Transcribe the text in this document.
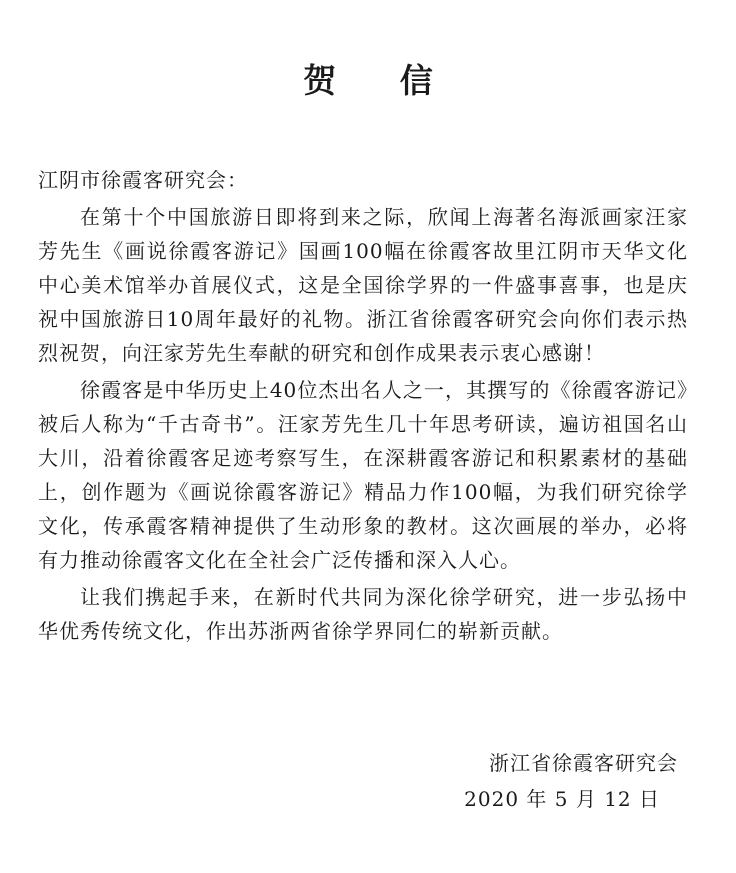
贺 信
江阴市徐霞客研究会：

在第十个中国旅游日即将到来之际，欣闻上海著名海派画家汪家芳先生《画说徐霞客游记》国画100幅在徐霞客故里江阴市天华文化中心美术馆举办首展仪式，这是全国徐学界的一件盛事喜事，也是庆祝中国旅游日10周年最好的礼物。浙江省徐霞客研究会向你们表示热烈祝贺，向汪家芳先生奉献的研究和创作成果表示衷心感谢！

徐霞客是中华历史上40位杰出名人之一，其撰写的《徐霞客游记》被后人称为“千古奇书”。汪家芳先生几十年思考研读，遍访祖国名山大川，沿着徐霞客足迹考察写生，在深耕霞客游记和积累素材的基础上，创作题为《画说徐霞客游记》精品力作100幅，为我们研究徐学文化，传承霞客精神提供了生动形象的教材。这次画展的举办，必将有力推动徐霞客文化在全社会广泛传播和深入人心。

让我们携起手来，在新时代共同为深化徐学研究，进一步弘扬中华优秀传统文化，作出苏浙两省徐学界同仁的崭新贡献。

浙江省徐霞客研究会
2020 年 5 月 12 日
